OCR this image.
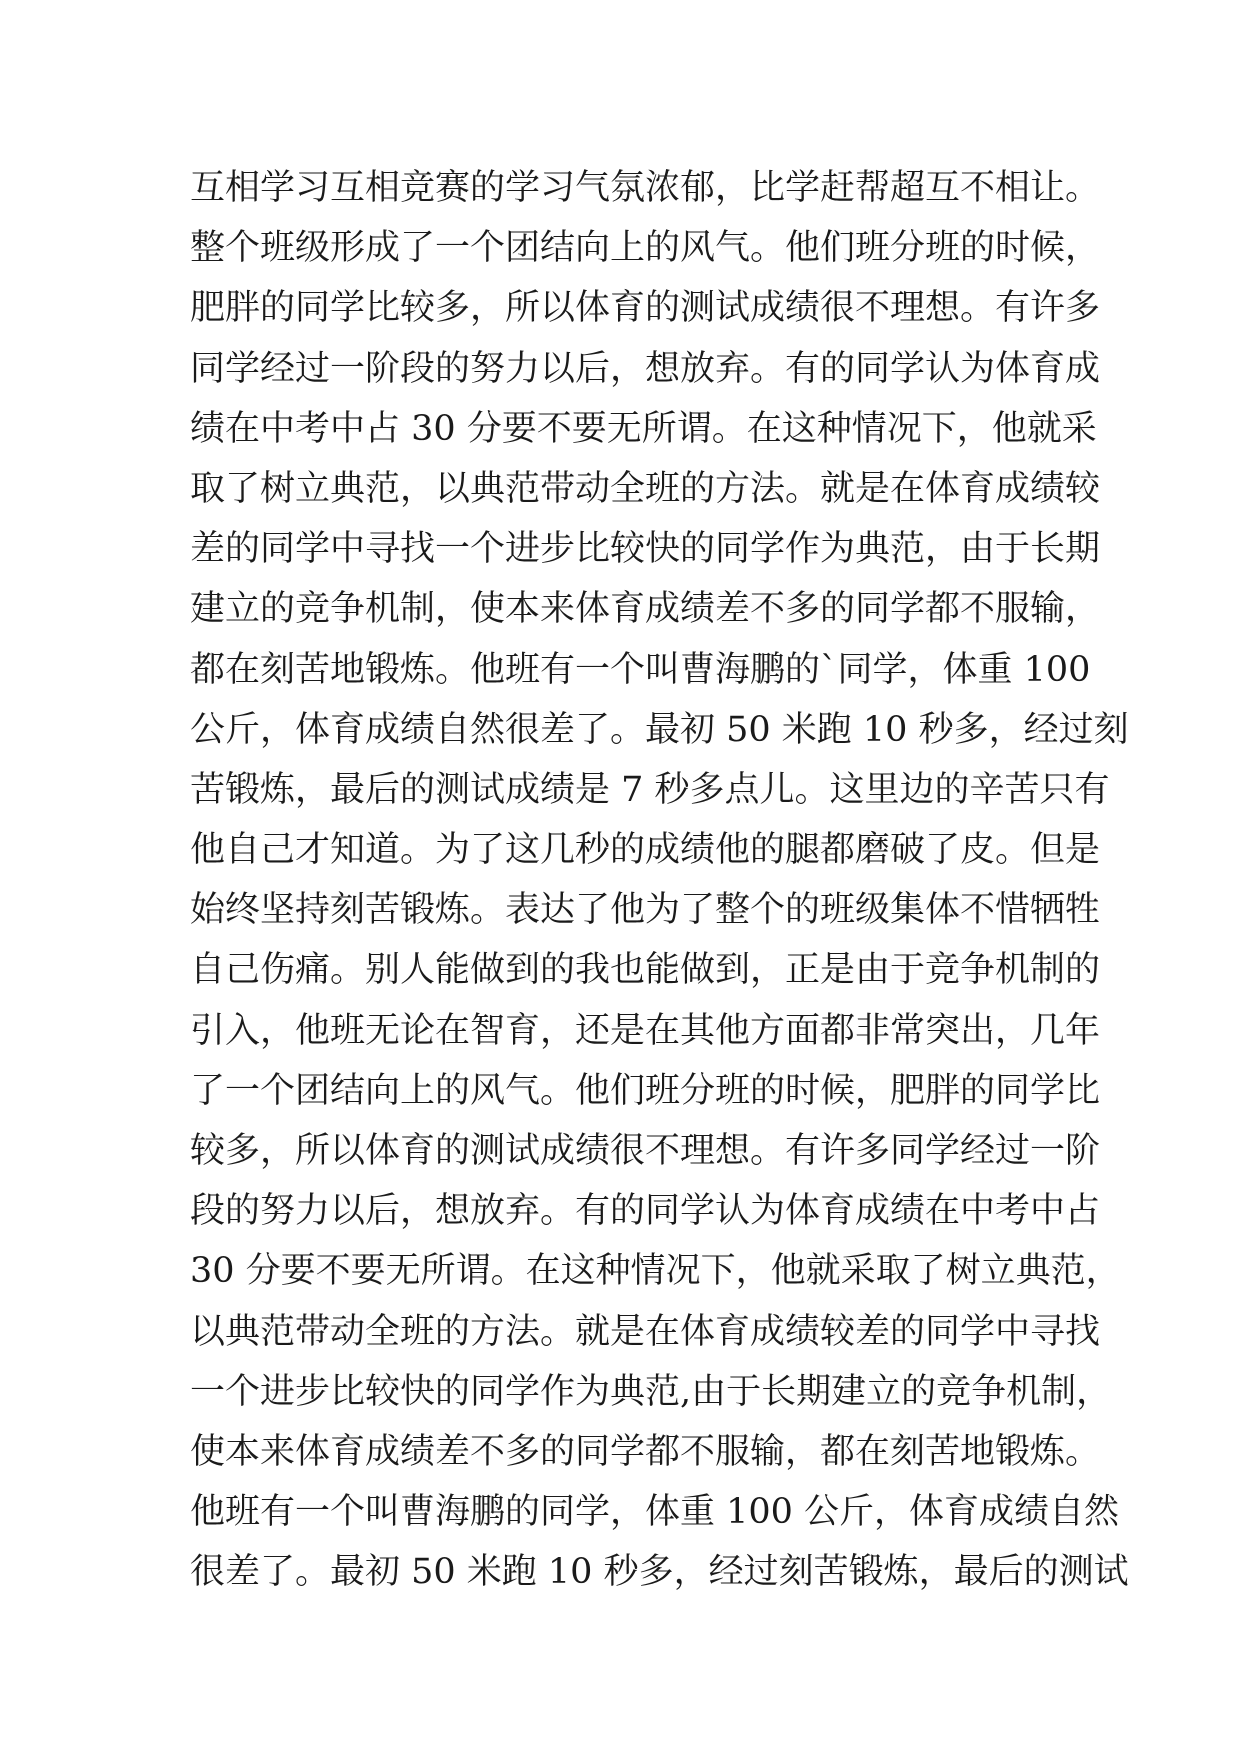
互相学习互相竞赛的学习气氛浓郁，比学赶帮超互不相让。
整个班级形成了一个团结向上的风气。他们班分班的时候，
肥胖的同学比较多，所以体育的测试成绩很不理想。有许多
同学经过一阶段的努力以后，想放弃。有的同学认为体育成
绩在中考中占 30 分要不要无所谓。在这种情况下，他就采
取了树立典范，以典范带动全班的方法。就是在体育成绩较
差的同学中寻找一个进步比较快的同学作为典范，由于长期
建立的竞争机制，使本来体育成绩差不多的同学都不服输，
都在刻苦地锻炼。他班有一个叫曹海鹏的`同学，体重 100
公斤，体育成绩自然很差了。最初 50 米跑 10 秒多，经过刻
苦锻炼，最后的测试成绩是 7 秒多点儿。这里边的辛苦只有
他自己才知道。为了这几秒的成绩他的腿都磨破了皮。但是
始终坚持刻苦锻炼。表达了他为了整个的班级集体不惜牺牲
自己伤痛。别人能做到的我也能做到，正是由于竞争机制的
引入，他班无论在智育，还是在其他方面都非常突出，几年
了一个团结向上的风气。他们班分班的时候，肥胖的同学比
较多，所以体育的测试成绩很不理想。有许多同学经过一阶
段的努力以后，想放弃。有的同学认为体育成绩在中考中占
30 分要不要无所谓。在这种情况下，他就采取了树立典范，
以典范带动全班的方法。就是在体育成绩较差的同学中寻找
一个进步比较快的同学作为典范,由于长期建立的竞争机制，
使本来体育成绩差不多的同学都不服输，都在刻苦地锻炼。
他班有一个叫曹海鹏的同学，体重 100 公斤，体育成绩自然
很差了。最初 50 米跑 10 秒多，经过刻苦锻炼，最后的测试
